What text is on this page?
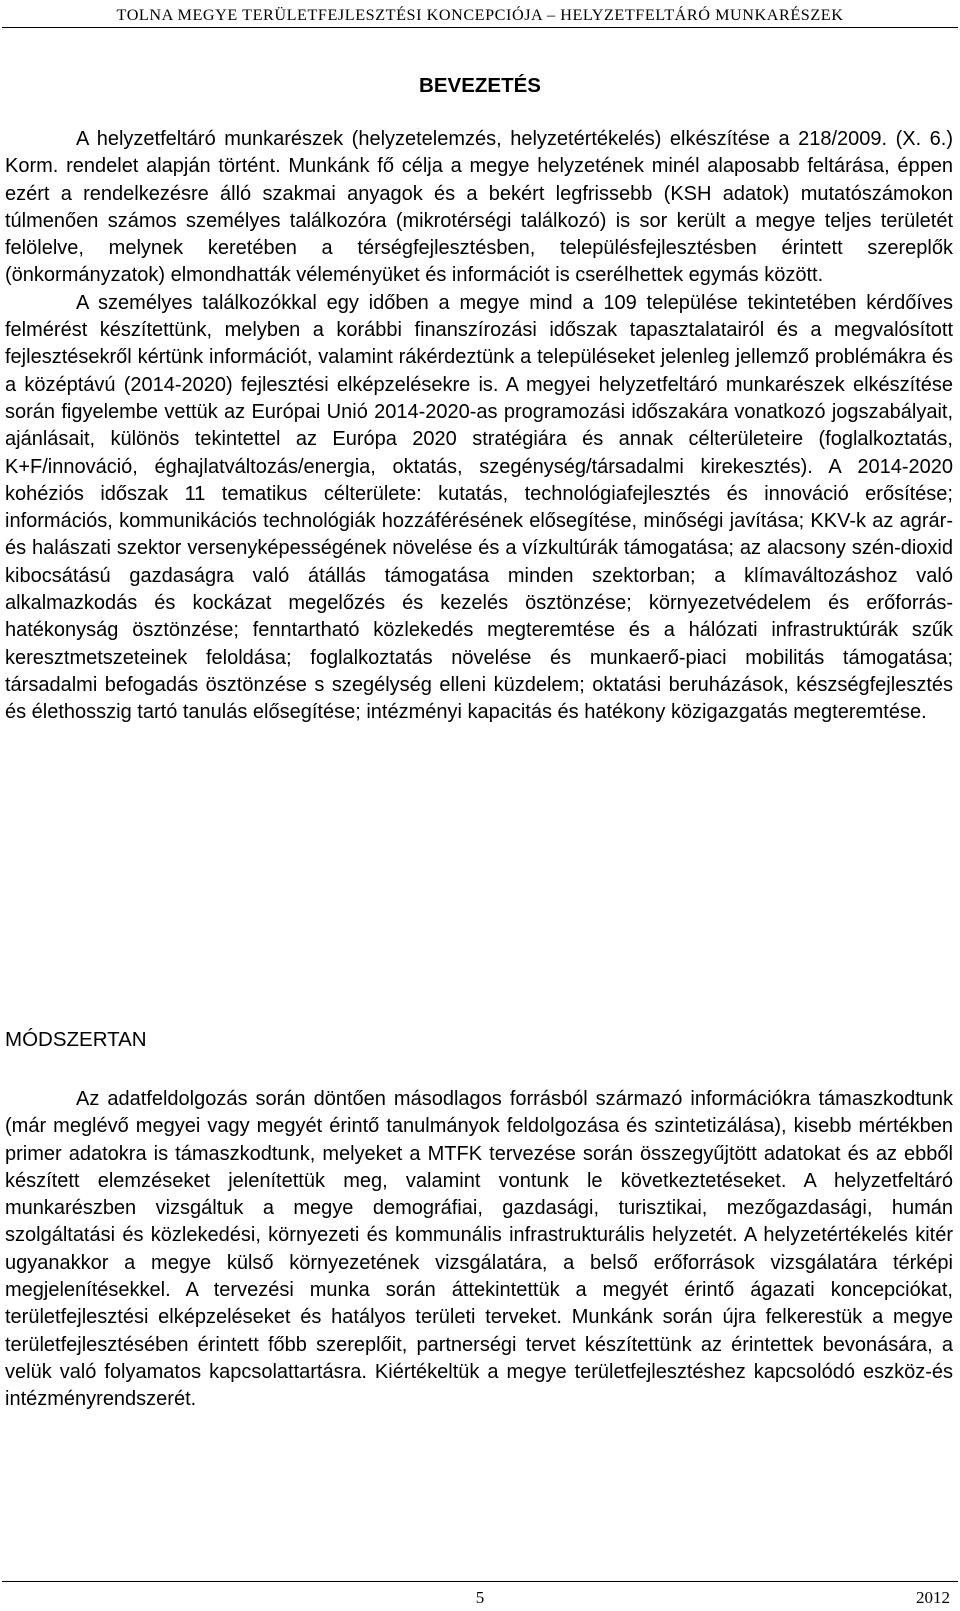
TOLNA MEGYE TERÜLETFEJLESZTÉSI KONCEPCIÓJA – HELYZETFELTÁRÓ MUNKARÉSZEK
BEVEZETÉS

A helyzetfeltáró munkarészek (helyzetelemzés, helyzetértékelés) elkészítése a 218/2009. (X. 6.) Korm. rendelet alapján történt. Munkánk fő célja a megye helyzetének minél alaposabb feltárása, éppen ezért a rendelkezésre álló szakmai anyagok és a bekért legfrissebb (KSH adatok) mutatószámokon túlmenően számos személyes találkozóra (mikrotérségi találkozó) is sor került a megye teljes területét felölelve, melynek keretében a térségfejlesztésben, településfejlesztésben érintett szereplők (önkormányzatok) elmondhatták véleményüket és információt is cserélhettek egymás között.

A személyes találkozókkal egy időben a megye mind a 109 települése tekintetében kérdőíves felmérést készítettünk, melyben a korábbi finanszírozási időszak tapasztalatairól és a megvalósított fejlesztésekről kértünk információt, valamint rákérdeztünk a településeket jelenleg jellemző problémákra és a középtávú (2014-2020) fejlesztési elképzelésekre is. A megyei helyzetfeltáró munkarészek elkészítése során figyelembe vettük az Európai Unió 2014-2020-as programozási időszakára vonatkozó jogszabályait, ajánlásait, különös tekintettel az Európa 2020 stratégiára és annak célterületeire (foglalkoztatás, K+F/innováció, éghajlatváltozás/energia, oktatás, szegénység/társadalmi kirekesztés). A 2014-2020 kohéziós időszak 11 tematikus célterülete: kutatás, technológiafejlesztés és innováció erősítése; információs, kommunikációs technológiák hozzáférésének elősegítése, minőségi javítása; KKV-k az agrár- és halászati szektor versenyképességének növelése és a vízkultúrák támogatása; az alacsony szén-dioxid kibocsátású gazdaságra való átállás támogatása minden szektorban; a klímaváltozáshoz való alkalmazkodás és kockázat megelőzés és kezelés ösztönzése; környezetvédelem és erőforrás-hatékonyság ösztönzése; fenntartható közlekedés megteremtése és a hálózati infrastruktúrák szűk keresztmetszeteinek feloldása; foglalkoztatás növelése és munkaerő-piaci mobilitás támogatása; társadalmi befogadás ösztönzése s szegélység elleni küzdelem; oktatási beruházások, készségfejlesztés és élethosszig tartó tanulás elősegítése; intézményi kapacitás és hatékony közigazgatás megteremtése.

MÓDSZERTAN

Az adatfeldolgozás során döntően másodlagos forrásból származó információkra támaszkodtunk (már meglévő megyei vagy megyét érintő tanulmányok feldolgozása és szintetizálása), kisebb mértékben primer adatokra is támaszkodtunk, melyeket a MTFK tervezése során összegyűjtött adatokat és az ebből készített elemzéseket jelenítettük meg, valamint vontunk le következtetéseket. A helyzetfeltáró munkarészben vizsgáltuk a megye demográfiai, gazdasági, turisztikai, mezőgazdasági, humán szolgáltatási és közlekedési, környezeti és kommunális infrastrukturális helyzetét. A helyzetértékelés kitér ugyanakkor a megye külső környezetének vizsgálatára, a belső erőforrások vizsgálatára térképi megjelenítésekkel. A tervezési munka során áttekintettük a megyét érintő ágazati koncepciókat, területfejlesztési elképzeléseket és hatályos területi terveket. Munkánk során újra felkerestük a megye területfejlesztésében érintett főbb szereplőit, partnerségi tervet készítettünk az érintettek bevonására, a velük való folyamatos kapcsolattartásra. Kiértékeltük a megye területfejlesztéshez kapcsolódó eszköz-és intézményrendszerét.

5	2012
